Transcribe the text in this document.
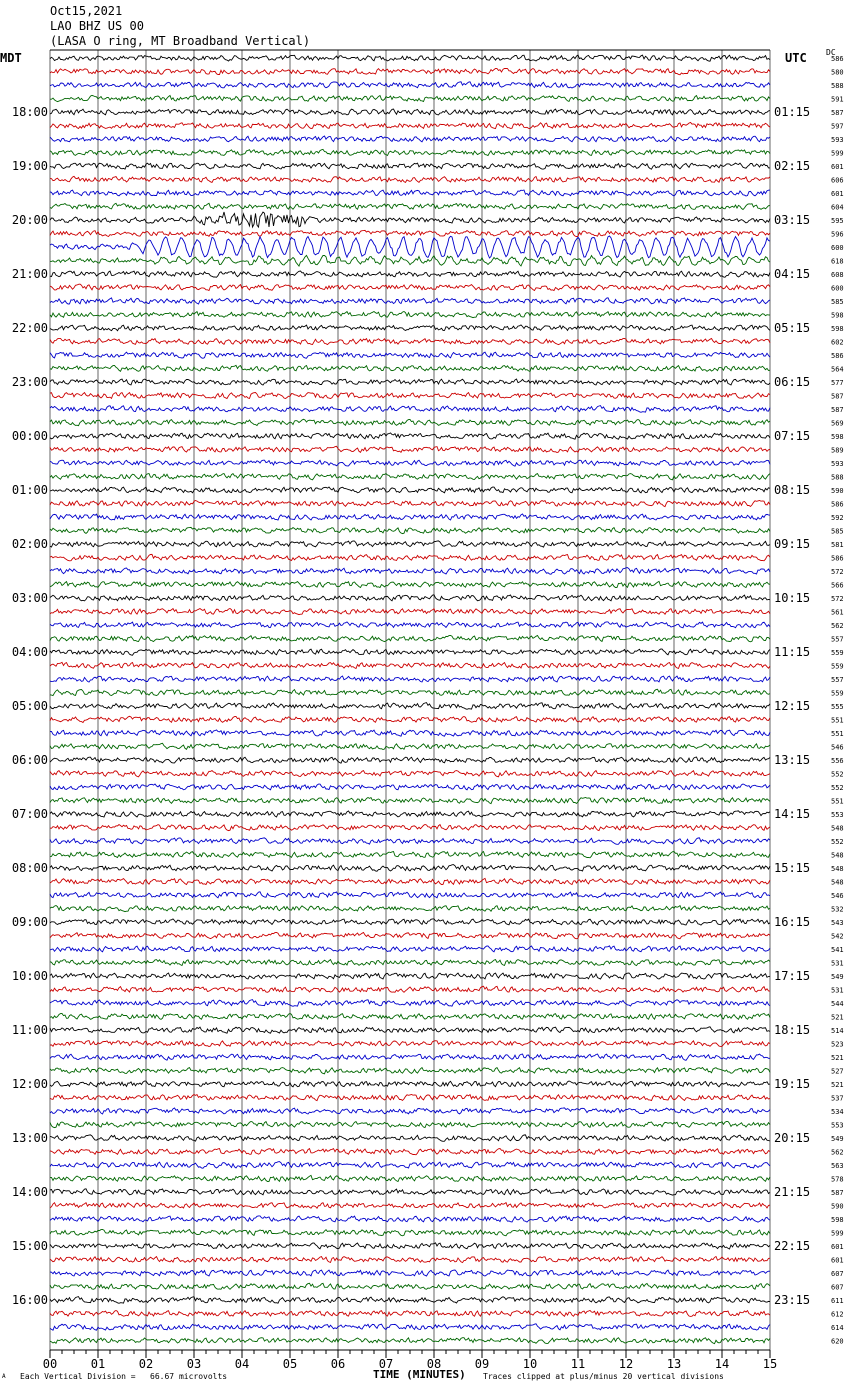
18:00
19:00
20:00
21:00
22:00
23:00
00:00
01:00
02:00
03:00
04:00
05:00
06:00
07:00
08:00
09:00
10:00
11:00
12:00
13:00
14:00
15:00
16:00
01:15
02:15
03:15
04:15
05:15
06:15
07:15
08:15
09:15
10:15
11:15
12:15
13:15
14:15
15:15
16:15
17:15
18:15
19:15
20:15
21:15
22:15
23:15
586
580
588
591
587
597
593
599
601
606
601
604
595
596
600
618
608
600
585
598
598
602
586
564
577
587
587
569
598
589
593
588
590
586
592
585
581
586
572
566
572
561
562
557
559
559
557
559
555
551
551
546
556
552
552
551
553
548
552
548
548
548
546
532
543
542
541
531
549
531
544
521
514
523
521
527
521
537
534
553
549
562
563
578
587
590
598
599
601
601
607
607
611
612
614
620
00	01	02	03	04	05	06	07	08	09	10	11	12	13	14	15
Oct15,2021
LAO BHZ US 00
(LASA O ring, MT Broadband Vertical)
MDT	UTC DC
TIME (MINUTES)
Each Vertical Division =   66.67 microvolts	Traces clipped at plus/minus 20 vertical divisions
A
